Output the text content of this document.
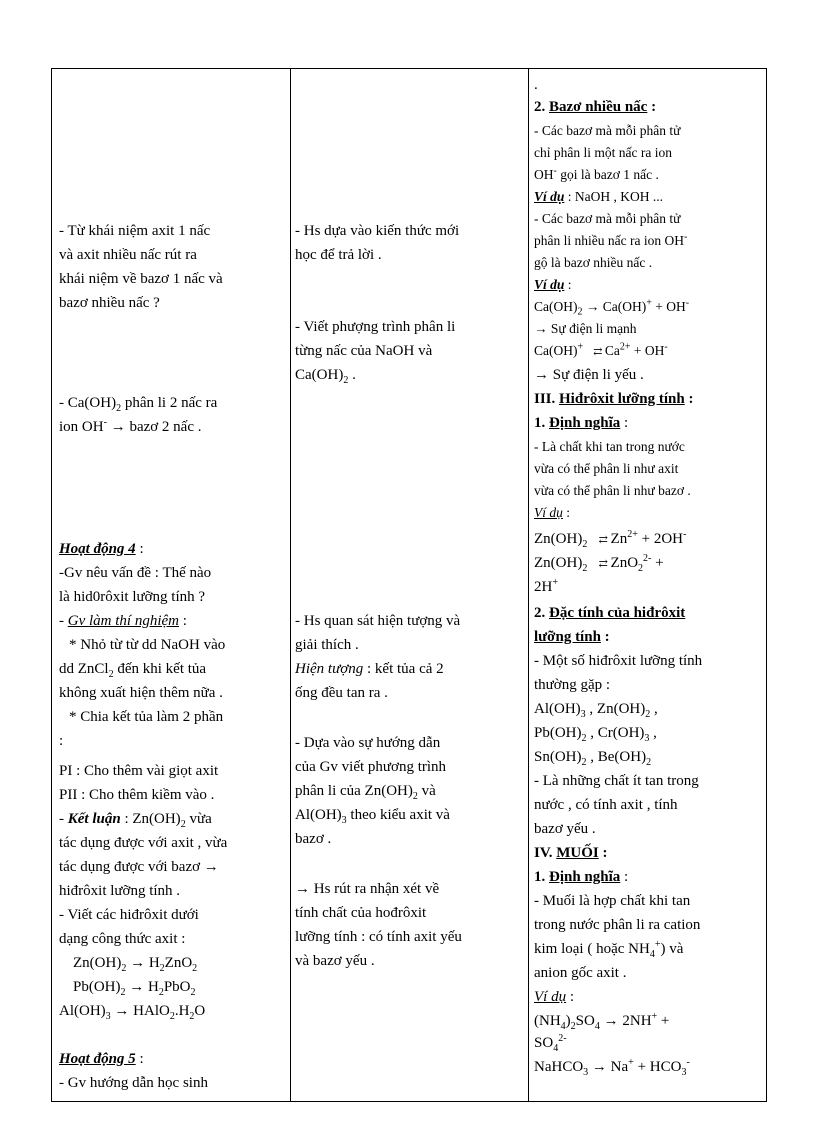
- Từ khái niệm axit 1 nấc
và axit nhiều nấc rút ra
khái niệm về bazơ 1 nấc và
bazơ nhiều nấc ?
- $Ca(OH)_2$ phân li 2 nấc ra
ion OH- → bazơ 2 nấc .
Hoạt động 4 :
-Gv nêu vấn đề : Thế nào
là hid0rôxit lưỡng tính ?
- Gv làm thí nghiệm :
* Nhỏ từ từ dd NaOH vào
dd ZnCl$_2$ đến khi kết tủa
không xuất hiện thêm nữa .
* Chia kết tủa làm 2 phần
:
PI : Cho thêm vài giọt axit
PII : Cho thêm kiềm vào .
- Kết luận : $Zn(OH)_2$ vừa
tác dụng được với axit , vừa
tác dụng được với bazơ →
hiđrôxit lưỡng tính .
- Viết các hiđrôxit dưới
dạng công thức axit :
$Zn(OH)_2 \to H_2ZnO_2$
$Pb(OH)_2 \to H_2PbO_2$
$Al(OH)_3$ → $HAlO_2.H_2O$
Hoạt động 5 :
- Gv hướng dẫn học sinh
- Hs dựa vào kiến thức mới
học để trả lời .
- Viết phượng trình phân li
từng nấc của NaOH và
$Ca(OH)_2$ .
- Hs quan sát hiện tượng và
giải thích .
Hiện tượng : kết tủa cả 2
ống đều tan ra .
- Dựa vào sự hướng dẫn
của Gv viết phương trình
phân li của $Zn(OH)_2$ và
$Al(OH)_3$ theo kiểu axit và
bazơ .
→ Hs rút ra nhận xét về
tính chất của hođrôxit
lưỡng tính : có tính axit yếu
và bazơ yếu .
.
2. Bazơ nhiều nấc :
- Các bazơ mà mỗi phân tử
chỉ phân li một nấc ra ion
OH- gọi là bazơ 1 nấc .
Ví dụ : NaOH , KOH ...
- Các bazơ mà mỗi phân tử
phân li nhiều nấc ra ion OH-
gộ là bazơ nhiều nấc .
Ví dụ :
$Ca(OH)_2 \to Ca(OH)^+ + OH^-$
→ Sự điện li mạnh
Ca(OH)+ ⇄ $Ca^{2+} + OH^-$
→ Sự điện li yếu .
III. Hiđrôxit lưỡng tính :
1. Định nghĩa :
- Là chất khi tan trong nước
vừa có thể phân li như axit
vừa có thể phân li như bazơ .
Ví dụ :
$Zn(OH)_2$ ⇄ $Zn^{2+} + 2OH^-$
$Zn(OH)_2$ ⇄ ZnO$_2^{2-}$ +
2H+
2. Đặc tính của hiđrôxit
lưỡng tính :
- Một số hiđrôxit lưỡng tính
thường gặp :
$Al(OH)_3$ , $Zn(OH)_2$ ,
$Pb(OH)_2$ , $Cr(OH)_3$ ,
$Sn(OH)_2$ , $Be(OH)_2$
- Là những chất ít tan trong
nước , có tính axit , tính
bazơ yếu .
IV. MUỐI :
1. Định nghĩa :
- Muối là hợp chất khi tan
trong nước phân li ra cation
kim loại ( hoặc $NH_4^+$) và
anion gốc axit .
Ví dụ :
$(NH_4)_2SO_4 \to 2NH^+$ +
$SO_4^{2-}$
NaHCO$_3$ → $Na^+ + HCO_3^-$
